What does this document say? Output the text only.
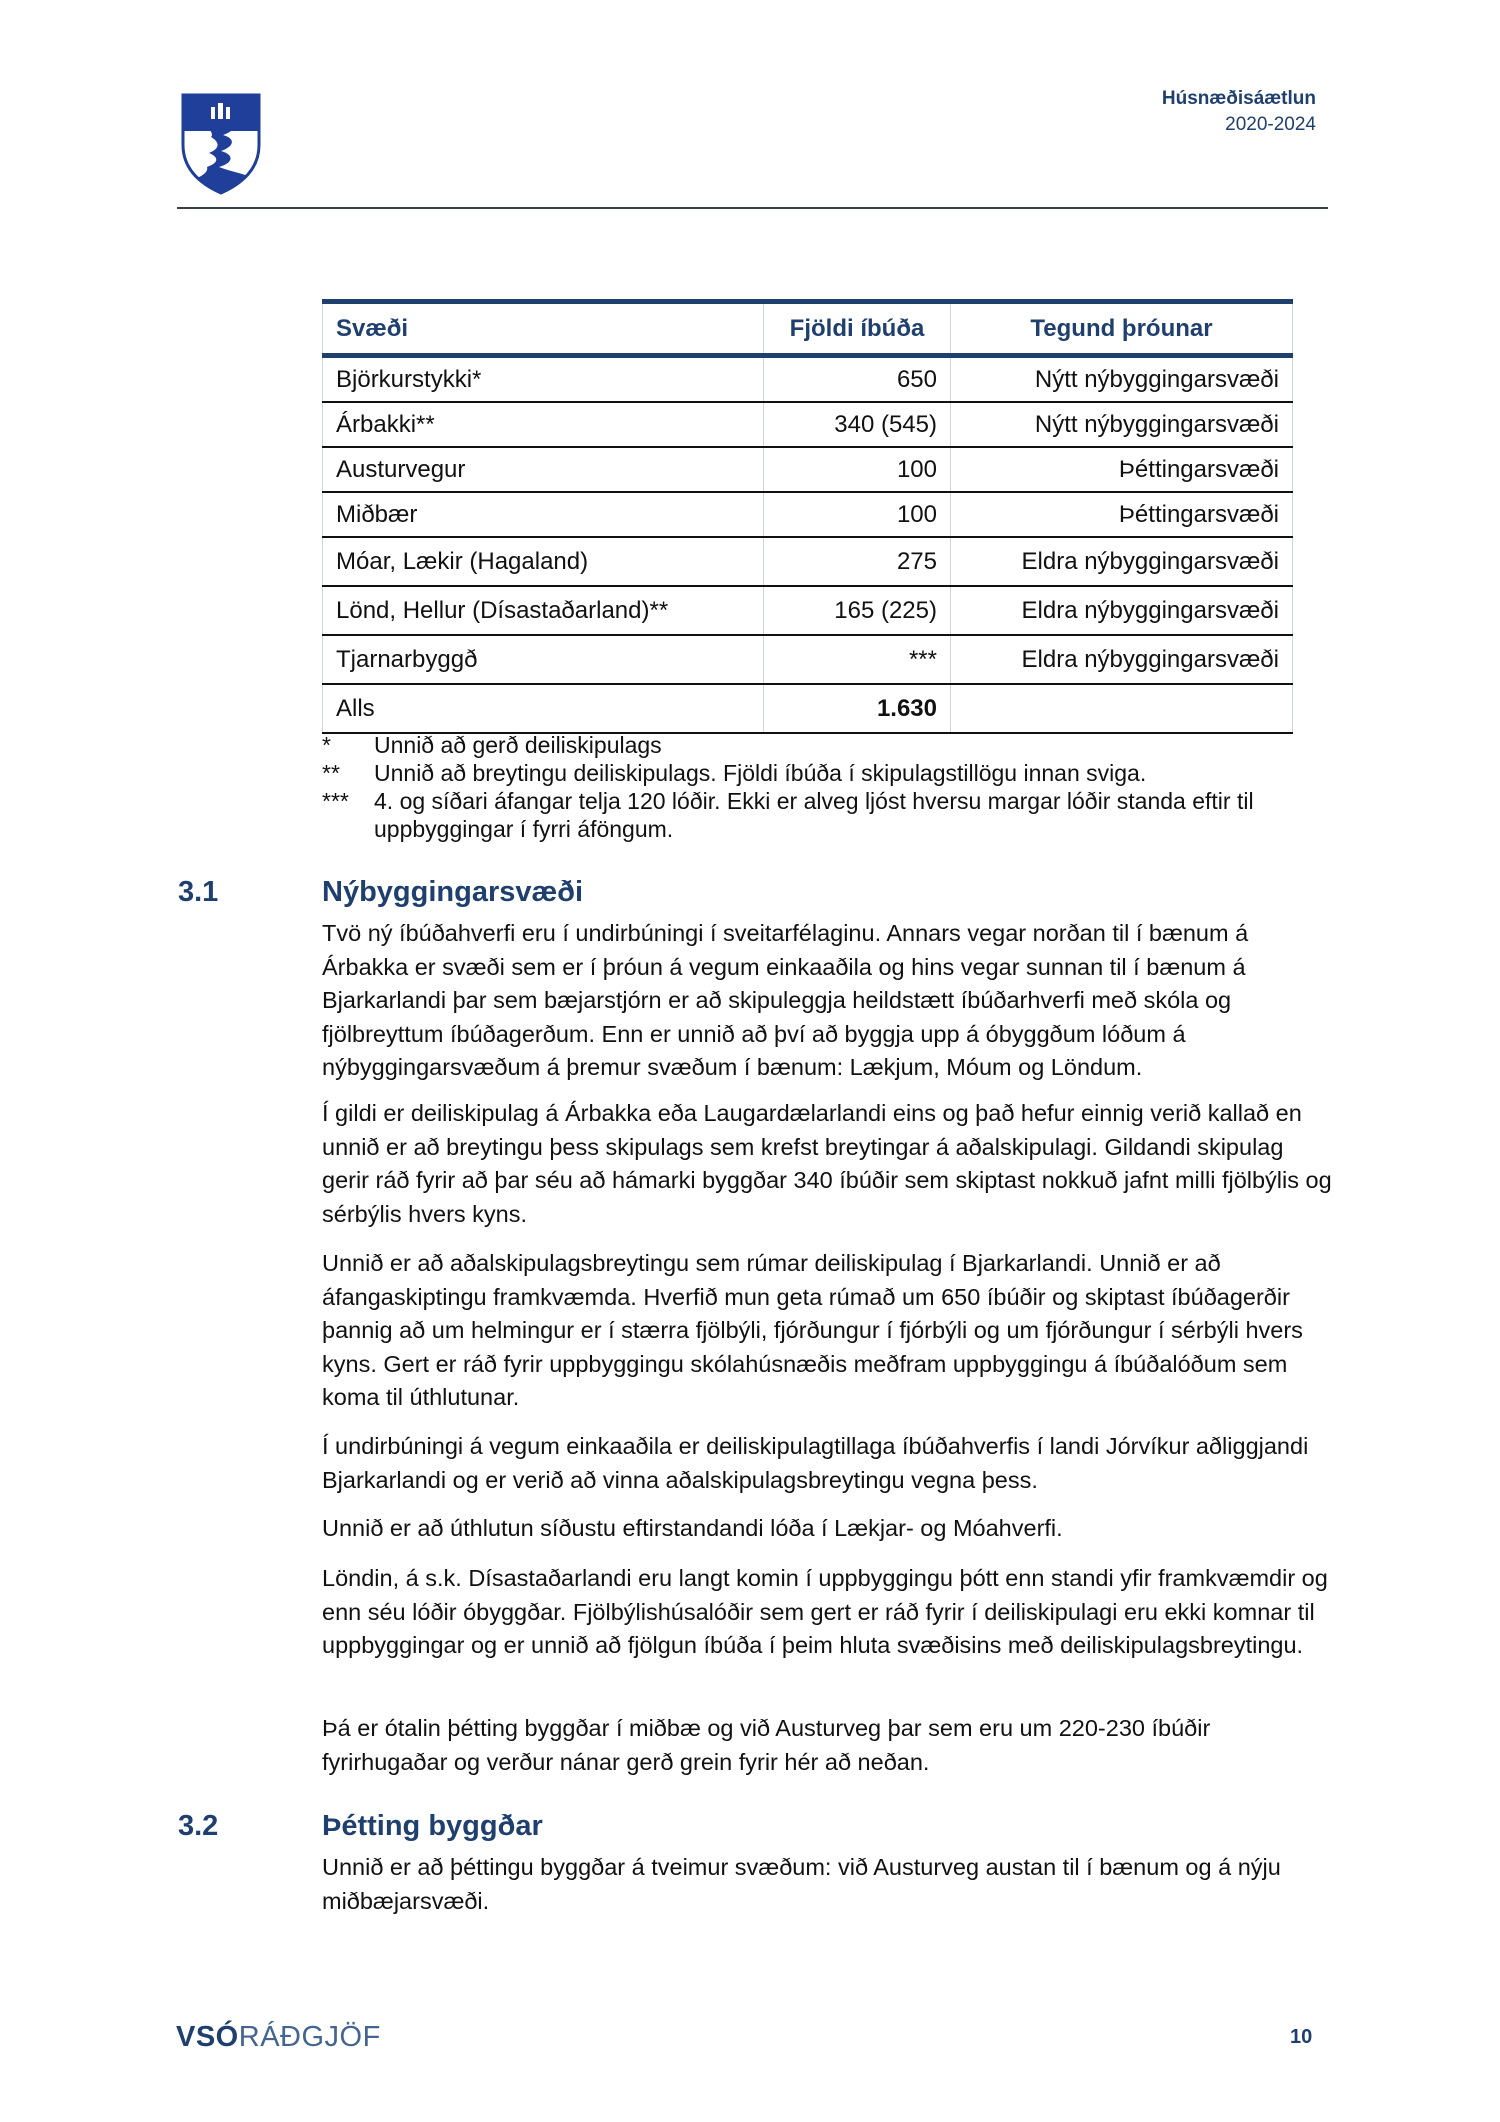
Húsnæðisáætlun
2020-2024
Svæði	Fjöldi íbúða	Tegund þróunar
Björkurstykki*	650	Nýtt nýbyggingarsvæði
Árbakki**	340 (545)	Nýtt nýbyggingarsvæði
Austurvegur	100	Þéttingarsvæði
Miðbær	100	Þéttingarsvæði
Móar, Lækir (Hagaland)	275	Eldra nýbyggingarsvæði
Lönd, Hellur (Dísastaðarland)**	165 (225)	Eldra nýbyggingarsvæði
Tjarnarbyggð	***	Eldra nýbyggingarsvæði
Alls	1.630	
*	Unnið að gerð deiliskipulags
**	Unnið að breytingu deiliskipulags. Fjöldi íbúða í skipulagstillögu innan sviga.
***	4. og síðari áfangar telja 120 lóðir. Ekki er alveg ljóst hversu margar lóðir standa eftir til uppbyggingar í fyrri áföngum.
3.1	Nýbyggingarsvæði

Tvö ný íbúðahverfi eru í undirbúningi í sveitarfélaginu. Annars vegar norðan til í bænum á Árbakka er svæði sem er í þróun á vegum einkaaðila og hins vegar sunnan til í bænum á Bjarkarlandi þar sem bæjarstjórn er að skipuleggja heildstætt íbúðarhverfi með skóla og fjölbreyttum íbúðagerðum. Enn er unnið að því að byggja upp á óbyggðum lóðum á nýbyggingarsvæðum á þremur svæðum í bænum: Lækjum, Móum og Löndum.

Í gildi er deiliskipulag á Árbakka eða Laugardælarlandi eins og það hefur einnig verið kallað en unnið er að breytingu þess skipulags sem krefst breytingar á aðalskipulagi. Gildandi skipulag gerir ráð fyrir að þar séu að hámarki byggðar 340 íbúðir sem skiptast nokkuð jafnt milli fjölbýlis og sérbýlis hvers kyns.

Unnið er að aðalskipulagsbreytingu sem rúmar deiliskipulag í Bjarkarlandi. Unnið er að áfangaskiptingu framkvæmda. Hverfið mun geta rúmað um 650 íbúðir og skiptast íbúðagerðir þannig að um helmingur er í stærra fjölbýli, fjórðungur í fjórbýli og um fjórðungur í sérbýli hvers kyns. Gert er ráð fyrir uppbyggingu skólahúsnæðis meðfram uppbyggingu á íbúðalóðum sem koma til úthlutunar.

Í undirbúningi á vegum einkaaðila er deiliskipulagtillaga íbúðahverfis í landi Jórvíkur aðliggjandi Bjarkarlandi og er verið að vinna aðalskipulagsbreytingu vegna þess.

Unnið er að úthlutun síðustu eftirstandandi lóða í Lækjar- og Móahverfi.

Löndin, á s.k. Dísastaðarlandi eru langt komin í uppbyggingu þótt enn standi yfir framkvæmdir og enn séu lóðir óbyggðar. Fjölbýlishúsalóðir sem gert er ráð fyrir í deiliskipulagi eru ekki komnar til uppbyggingar og er unnið að fjölgun íbúða í þeim hluta svæðisins með deiliskipulagsbreytingu.

Þá er ótalin þétting byggðar í miðbæ og við Austurveg þar sem eru um 220-230 íbúðir fyrirhugaðar og verður nánar gerð grein fyrir hér að neðan.

3.2	Þétting byggðar

Unnið er að þéttingu byggðar á tveimur svæðum: við Austurveg austan til í bænum og á nýju miðbæjarsvæði.

VSÓRÁÐGJÖF	10
